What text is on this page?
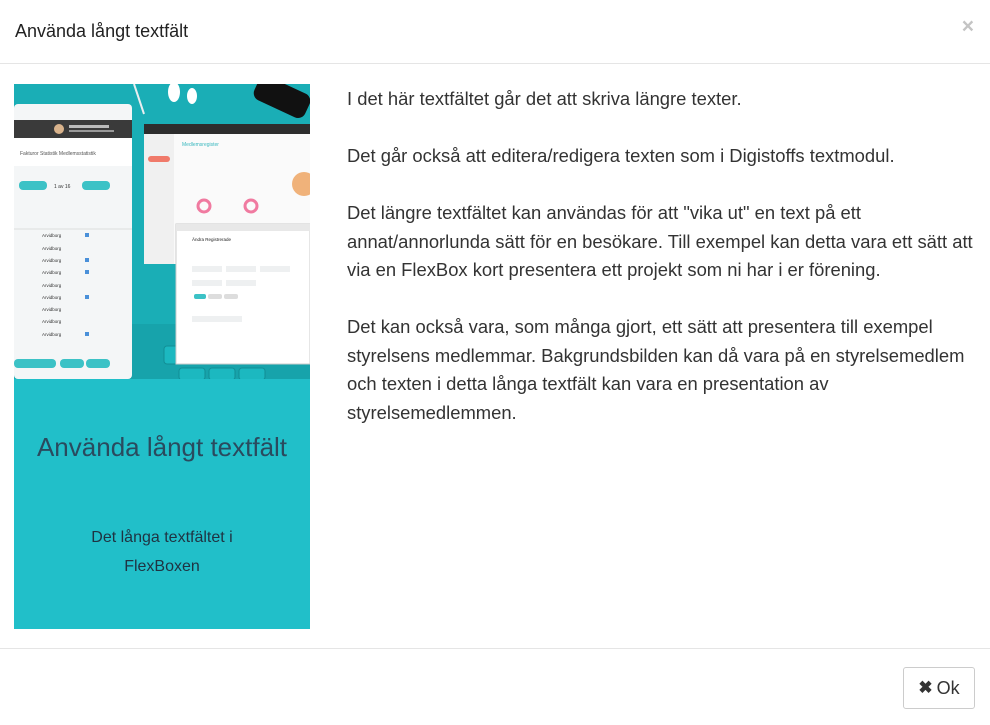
Använda långt textfält	×
Fakturor Statistik Medlemsstatistik
1 av 16
Arvidborg
Arvidborg
Arvidborg
Arvidborg
Arvidborg
Arvidborg
Arvidborg
Arvidborg
Arvidborg
Medlemsregister
Ändra Registrerade
Använda långt textfält
Det långa textfältet i
FlexBoxen

I det här textfältet går det att skriva längre texter.

Det går också att editera/redigera texten som i Digistoffs textmodul.

Det längre textfältet kan användas för att "vika ut" en text på ett annat/annorlunda sätt för en besökare. Till exempel kan detta vara ett sätt att via en FlexBox kort presentera ett projekt som ni har i er förening.

Det kan också vara, som många gjort, ett sätt att presentera till exempel styrelsens medlemmar. Bakgrundsbilden kan då vara på en styrelsemedlem och texten i detta långa textfält kan vara en presentation av styrelsemedlemmen.

✖ Ok
